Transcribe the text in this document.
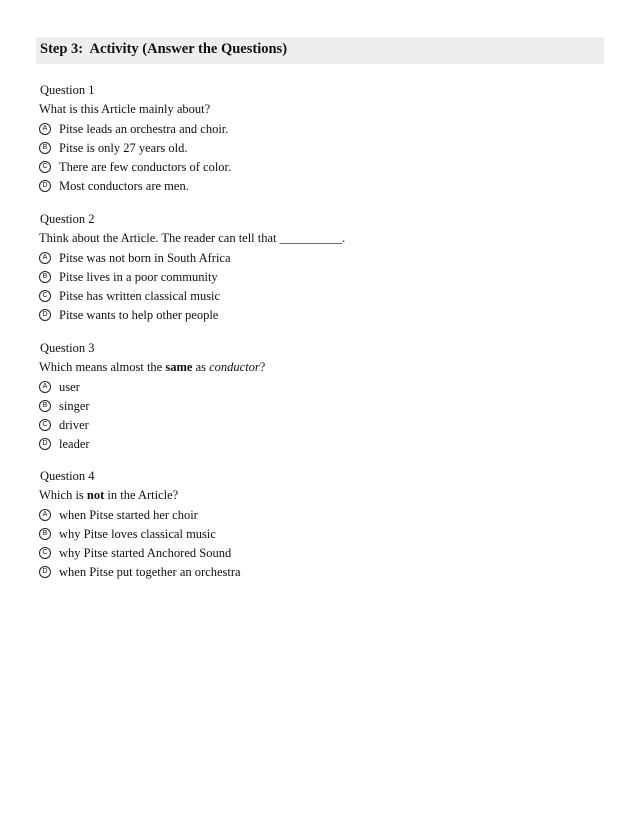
Step 3:  Activity (Answer the Questions)
Question 1
What is this Article mainly about?
A Pitse leads an orchestra and choir.
B Pitse is only 27 years old.
C There are few conductors of color.
D Most conductors are men.
Question 2
Think about the Article. The reader can tell that __________.
A Pitse was not born in South Africa
B Pitse lives in a poor community
C Pitse has written classical music
D Pitse wants to help other people
Question 3
Which means almost the same as conductor?
A user
B singer
C driver
D leader
Question 4
Which is not in the Article?
A when Pitse started her choir
B why Pitse loves classical music
C why Pitse started Anchored Sound
D when Pitse put together an orchestra
